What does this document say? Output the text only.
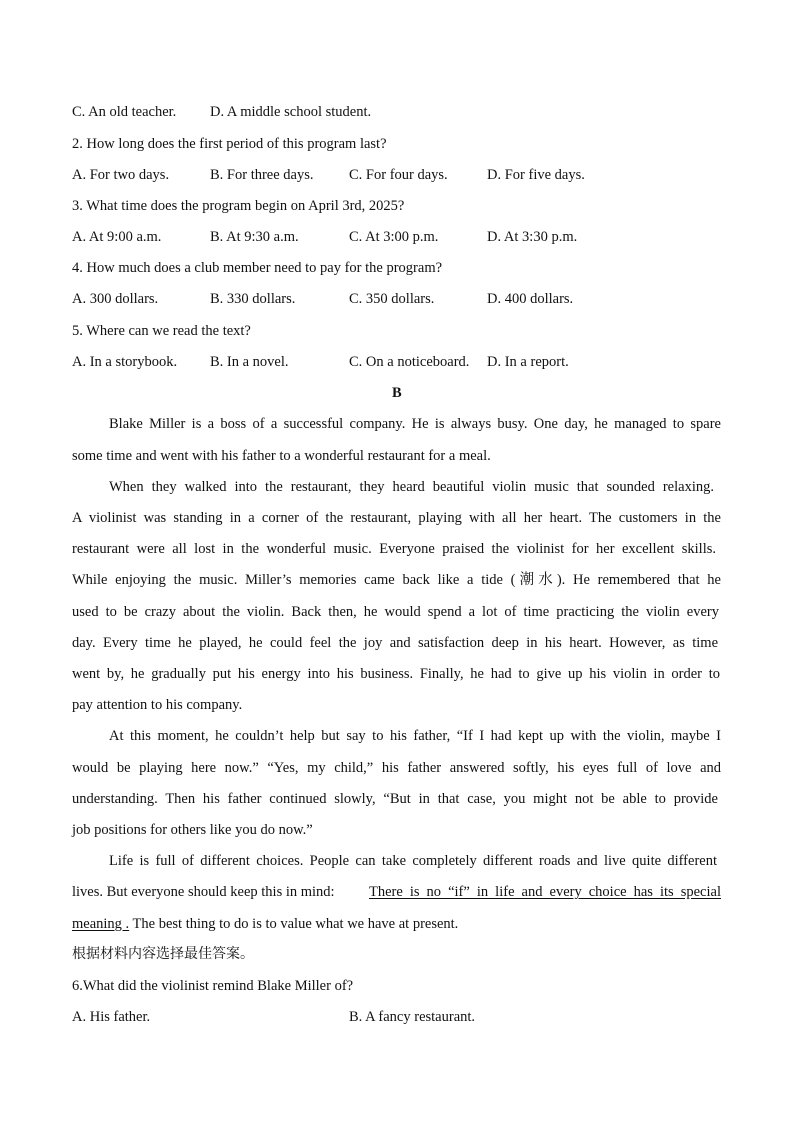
C. An old teacher. D. A middle school student.
2. How long does the first period of this program last?
A. For two days.	B. For three days. C. For four days.	D. For five days.
3. What time does the program begin on April 3rd, 2025?
A. At 9:00 a.m.	B. At 9:30 a.m.	C. At 3:00 p.m.	D. At 3:30 p.m.
4. How much does a club member need to pay for the program?
A. 300 dollars.	B. 330 dollars.	C. 350 dollars.	D. 400 dollars.
5. Where can we read the text?
A. In a storybook. B. In a novel.	C. On a noticeboard. D. In a report.
B
Blake Miller is a boss of a successful company. He is always busy. One day, he managed to spare
some time and went with his father to a wonderful restaurant for a meal.
When they walked into the restaurant, they heard beautiful violin music that sounded relaxing.
A violinist was standing in a corner of the restaurant, playing with all her heart. The customers in the
restaurant were all lost in the wonderful music. Everyone praised the violinist for her excellent skills.
While enjoying the music. Miller’s memories came back like a tide (潮水). He remembered that he
used to be crazy about the violin. Back then, he would spend a lot of time practicing the violin every
day. Every time he played, he could feel the joy and satisfaction deep in his heart. However, as time
went by, he gradually put his energy into his business. Finally, he had to give up his violin in order to
pay attention to his company.
At this moment, he couldn’t help but say to his father, “If I had kept up with the violin, maybe I
would be playing here now.” “Yes, my child,” his father answered softly, his eyes full of love and
understanding. Then his father continued slowly, “But in that case, you might not be able to provide
job positions for others like you do now.”
Life is full of different choices. People can take completely different roads and live quite different
lives. But everyone should keep this in mind: There is no “if” in life and every choice has its special
meaning . The best thing to do is to value what we have at present.
根据材料内容选择最佳答案。
6.What did the violinist remind Blake Miller of?
A. His father.	B. A fancy restaurant.
